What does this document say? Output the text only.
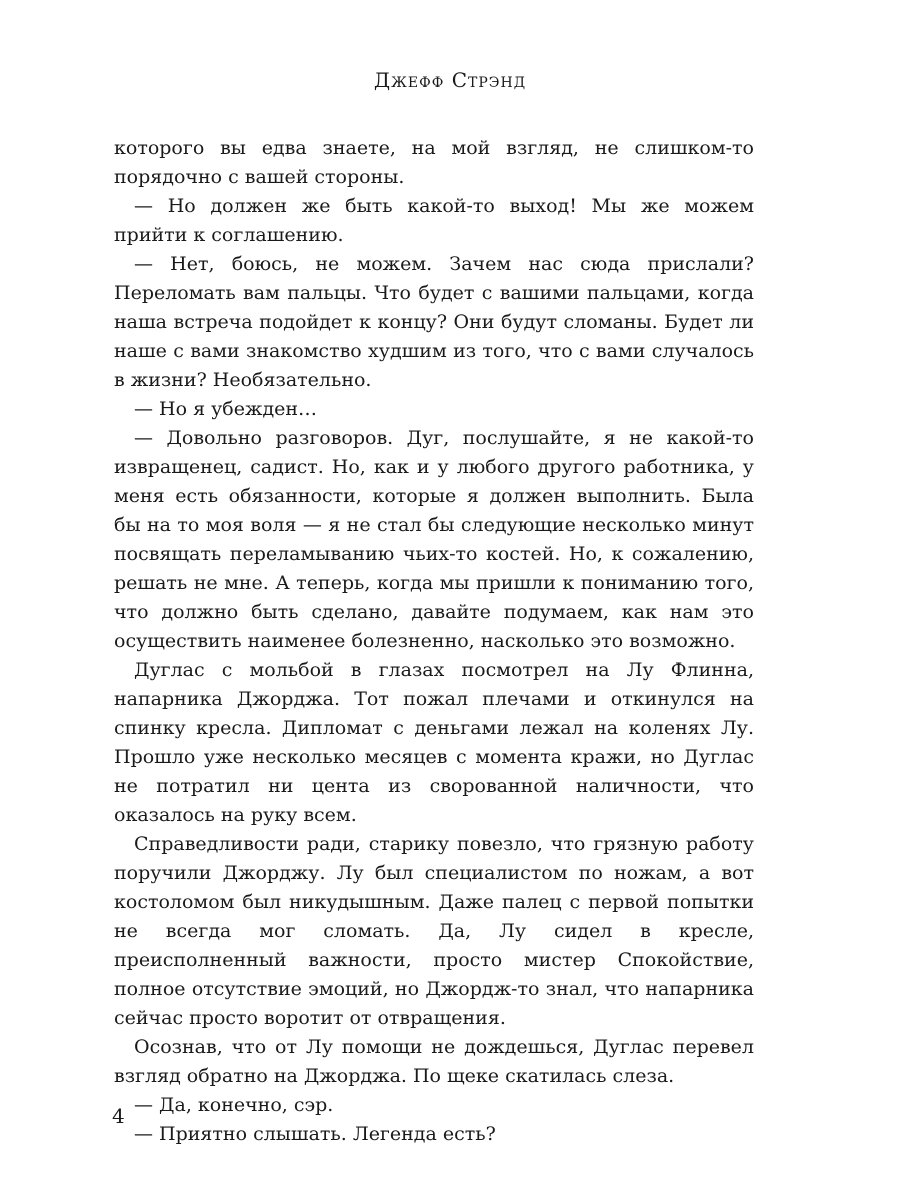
Джефф Стрэнд

которого вы едва знаете, на мой взгляд, не слишком-то порядочно с вашей стороны.

— Но должен же быть какой-то выход! Мы же можем прийти к соглашению.

— Нет, боюсь, не можем. Зачем нас сюда прислали? Переломать вам пальцы. Что будет с вашими пальцами, когда наша встреча подойдет к концу? Они будут сломаны. Будет ли наше с вами знакомство худшим из того, что с вами случалось в жизни? Необязательно.

— Но я убежден…

— Довольно разговоров. Дуг, послушайте, я не какой-то извращенец, садист. Но, как и у любого другого работника, у меня есть обязанности, которые я должен выполнить. Была бы на то моя воля — я не стал бы следующие несколько минут посвящать переламыванию чьих-то костей. Но, к сожалению, решать не мне. А теперь, когда мы пришли к пониманию того, что должно быть сделано, давайте подумаем, как нам это осуществить наименее болезненно, насколько это возможно.

Дуглас с мольбой в глазах посмотрел на Лу Флинна, напарника Джорджа. Тот пожал плечами и откинулся на спинку кресла. Дипломат с деньгами лежал на коленях Лу. Прошло уже несколько месяцев с момента кражи, но Дуглас не потратил ни цента из сворованной наличности, что оказалось на руку всем.

Справедливости ради, старику повезло, что грязную работу поручили Джорджу. Лу был специалистом по ножам, а вот костоломом был никудышным. Даже палец с первой попытки не всегда мог сломать. Да, Лу сидел в кресле, преисполненный важности, просто мистер Спокойствие, полное отсутствие эмоций, но Джордж-то знал, что напарника сейчас просто воротит от отвращения.

Осознав, что от Лу помощи не дождешься, Дуглас перевел взгляд обратно на Джорджа. По щеке скатилась слеза.

— Да, конечно, сэр.

— Приятно слышать. Легенда есть?

4
